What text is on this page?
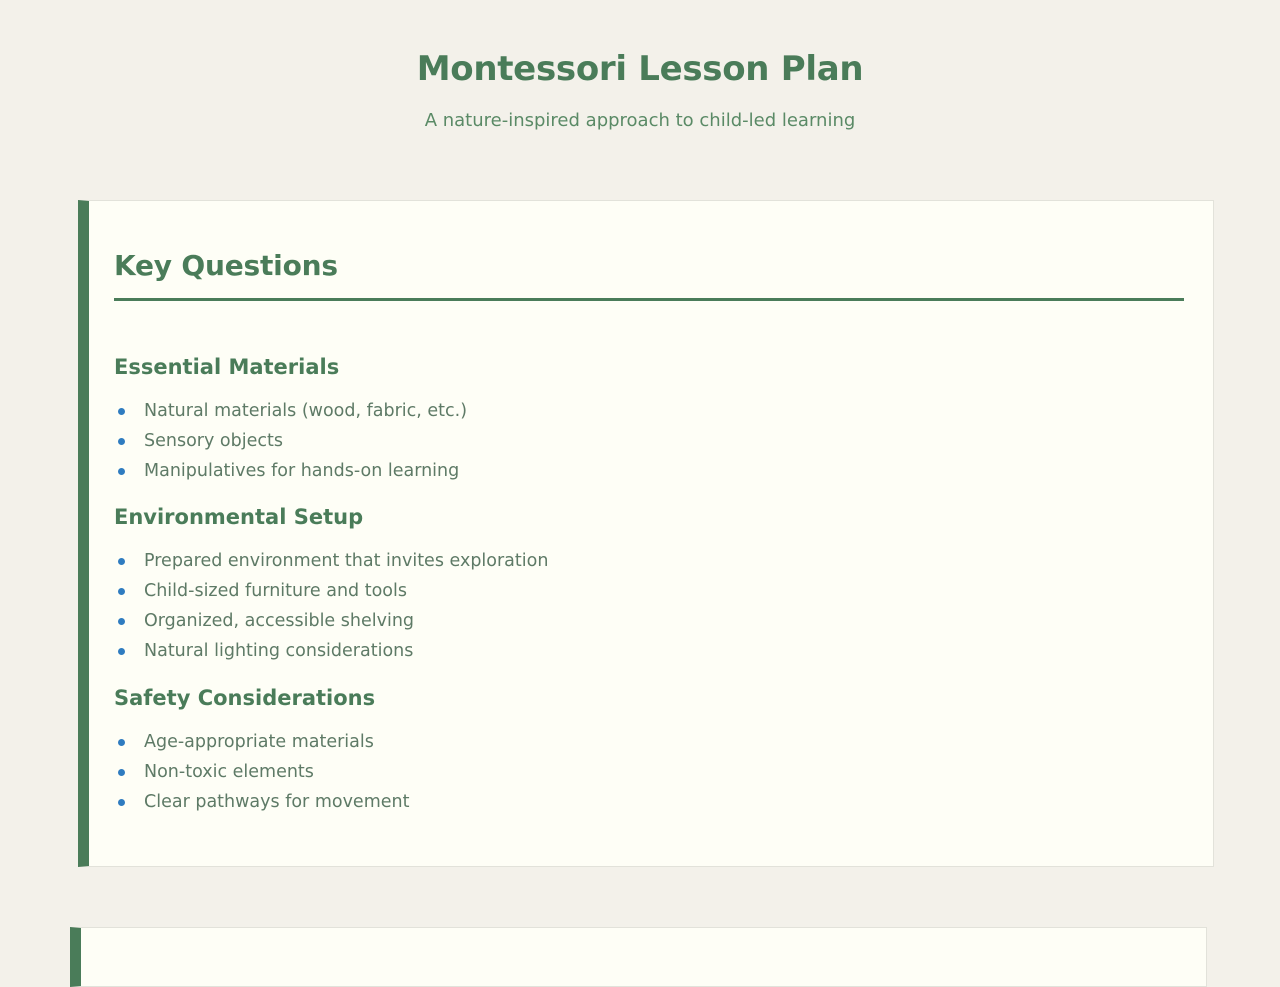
Montessori Lesson Plan

A nature-inspired approach to child-led learning

Key Questions
Essential Materials
Natural materials (wood, fabric, etc.)
Sensory objects
Manipulatives for hands-on learning
Environmental Setup
Prepared environment that invites exploration
Child-sized furniture and tools
Organized, accessible shelving
Natural lighting considerations
Safety Considerations
Age-appropriate materials
Non-toxic elements
Clear pathways for movement
